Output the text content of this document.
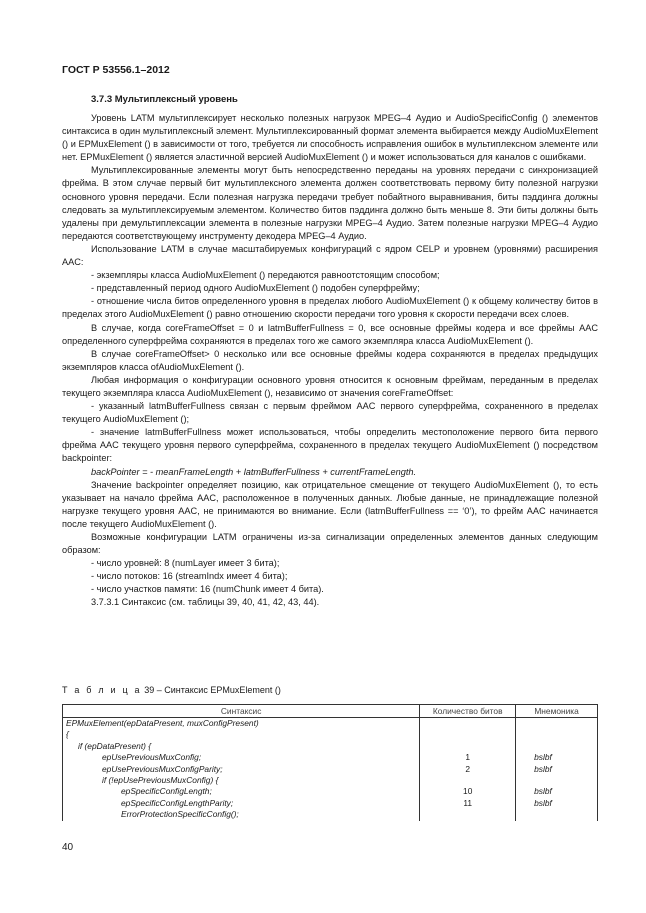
ГОСТ Р 53556.1–2012
3.7.3 Мультиплексный уровень

Уровень LATM мультиплексирует несколько полезных нагрузок MPEG–4 Аудио и AudioSpecificConfig () элементов синтаксиса в один мультиплексный элемент. Мультиплексированный формат элемента выбирается между AudioMuxElement () и EPMuxElement () в зависимости от того, требуется ли способность исправления ошибок в мультиплексном элементе или нет. EPMuxElement () является эластичной версией AudioMuxElement () и может использоваться для каналов с ошибками.

Мультиплексированные элементы могут быть непосредственно переданы на уровнях передачи с синхронизацией фрейма. В этом случае первый бит мультиплексного элемента должен соответствовать первому биту полезной нагрузки основного уровня передачи. Если полезная нагрузка передачи требует побайтного выравнивания, биты пэддинга должны следовать за мультиплексируемым элементом. Количество битов пэддинга должно быть меньше 8. Эти биты должны быть удалены при демультиплексации элемента в полезные нагрузки MPEG–4 Аудио. Затем полезные нагрузки MPEG–4 Аудио передаются соответствующему инструменту декодера MPEG–4 Аудио.

Использование LATM в случае масштабируемых конфигураций с ядром CELP и уровнем (уровнями) расширения AAC:

- экземпляры класса AudioMuxElement () передаются равноотстоящим способом;

- представленный период одного AudioMuxElement () подобен суперфрейму;

- отношение числа битов определенного уровня в пределах любого AudioMuxElement () к общему количеству битов в пределах этого AudioMuxElement () равно отношению скорости передачи того уровня к скорости передачи всех слоев.

В случае, когда coreFrameOffset = 0 и latmBufferFullness = 0, все основные фреймы кодера и все фреймы AAC определенного суперфрейма сохраняются в пределах того же самого экземпляра класса AudioMuxElement ().

В случае coreFrameOffset> 0 несколько или все основные фреймы кодера сохраняются в пределах предыдущих экземпляров класса ofAudioMuxElement ().

Любая информация о конфигурации основного уровня относится к основным фреймам, переданным в пределах текущего экземпляра класса AudioMuxElement (), независимо от значения coreFrameOffset:

- указанный latmBufferFullness связан с первым фреймом AAC первого суперфрейма, сохраненного в пределах текущего AudioMuxElement ();

- значение latmBufferFullness может использоваться, чтобы определить местоположение первого бита первого фрейма AAC текущего уровня первого суперфрейма, сохраненного в пределах текущего AudioMuxElement () посредством backpointer:

backPointer = - meanFrameLength + latmBufferFullness + currentFrameLength.

Значение backpointer определяет позицию, как отрицательное смещение от текущего AudioMuxElement (), то есть указывает на начало фрейма AAC, расположенное в полученных данных. Любые данные, не принадлежащие полезной нагрузке текущего уровня AAC, не принимаются во внимание. Если (latmBufferFullness == ‘0’), то фрейм AAC начинается после текущего AudioMuxElement ().

Возможные конфигурации LATM ограничены из-за сигнализации определенных элементов данных следующим образом:

- число уровней: 8 (numLayer имеет 3 бита);

- число потоков: 16 (streamIndx имеет 4 бита);

- число участков памяти: 16 (numChunk имеет 4 бита).

3.7.3.1 Синтаксис (см. таблицы 39, 40, 41, 42, 43, 44).

Т а б л и ц а 39 – Синтаксис EPMuxElement ()
Синтаксис	Количество битов	Мнемоника
EPMuxElement(epDataPresent, muxConfigPresent)		
{		
if (epDataPresent) {		
epUsePreviousMuxConfig;	1	bslbf
epUsePreviousMuxConfigParity;	2	bslbf
if (!epUsePreviousMuxConfig) {		
epSpecificConfigLength;	10	bslbf
epSpecificConfigLengthParity;	11	bslbf
ErrorProtectionSpecificConfig();		
40
